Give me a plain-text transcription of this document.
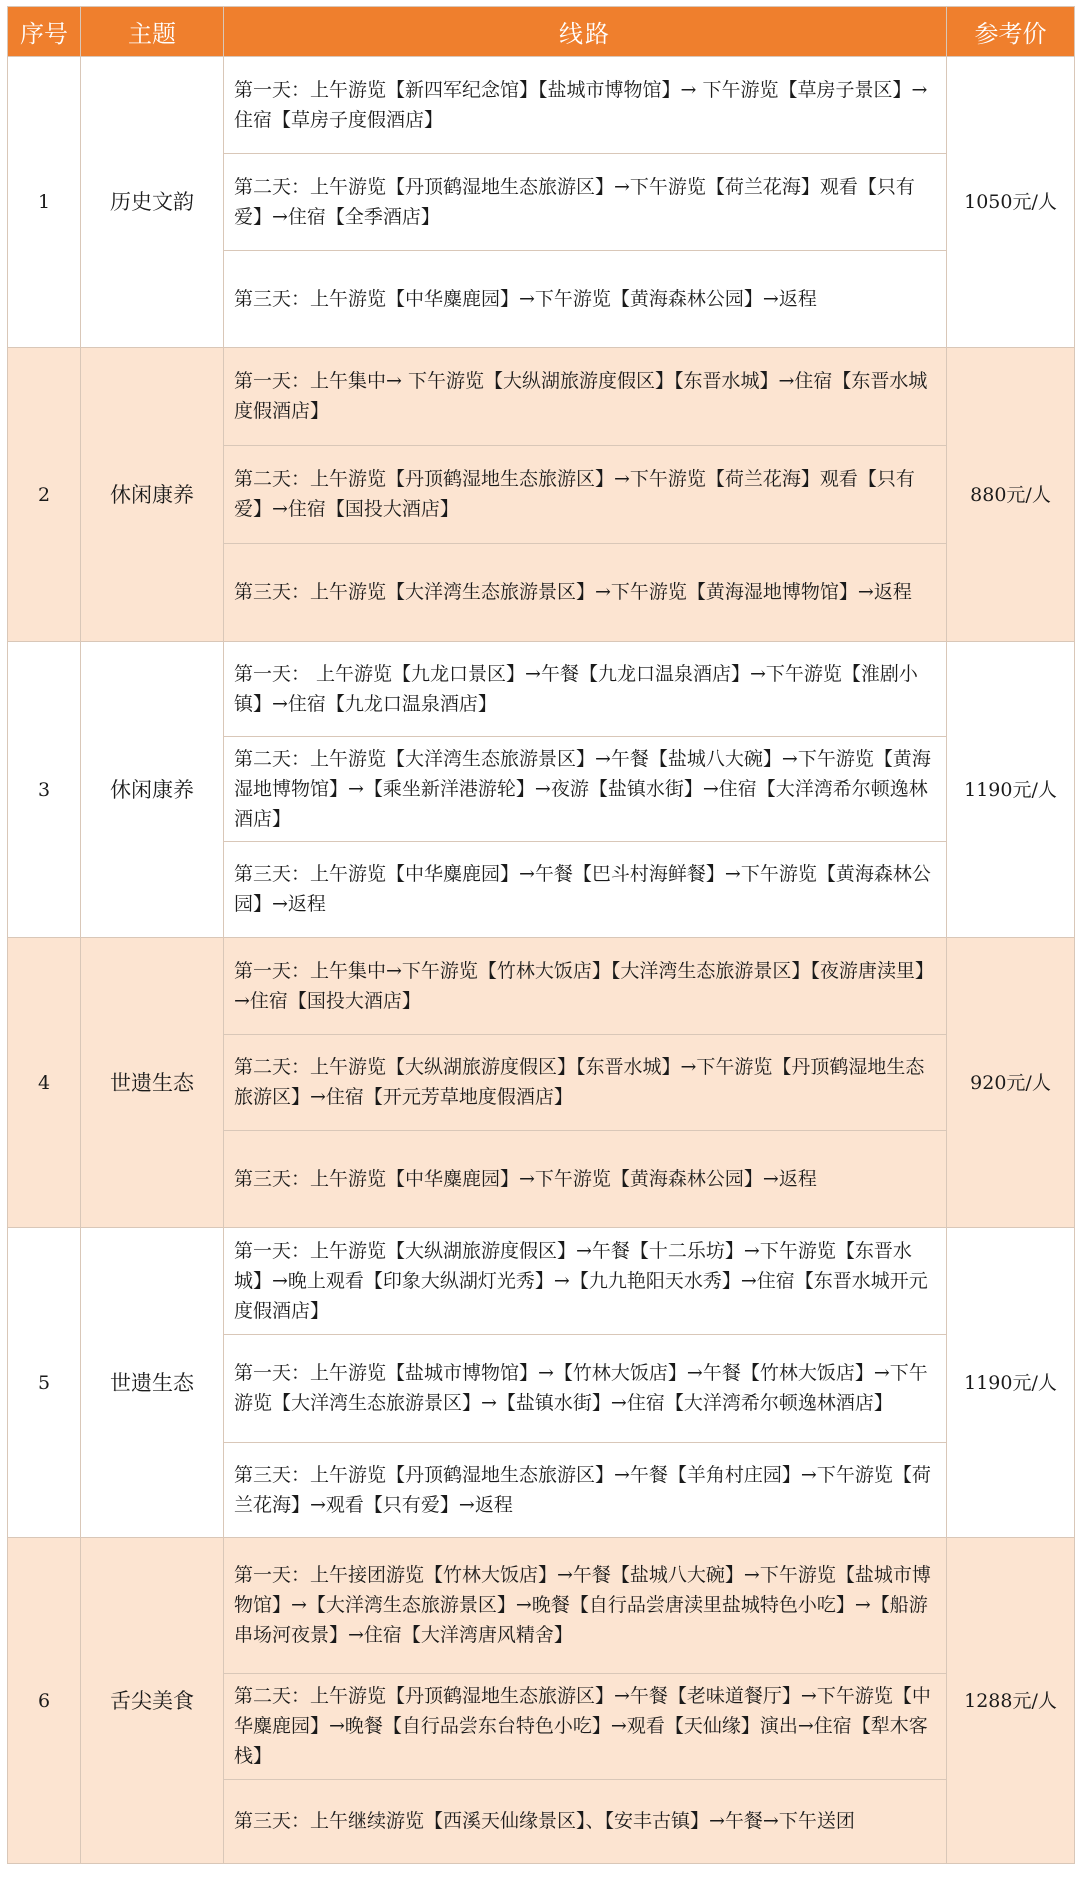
序号	主题	线路	参考价
1	历史文韵	第一天：上午游览【新四军纪念馆】【盐城市博物馆】→ 下午游览【草房子景区】→住宿【草房子度假酒店】
第二天：上午游览【丹顶鹤湿地生态旅游区】→下午游览【荷兰花海】观看【只有爱】→住宿【全季酒店】
第三天：上午游览【中华麋鹿园】→下午游览【黄海森林公园】→返程	1050元/人
2	休闲康养	第一天：上午集中→ 下午游览【大纵湖旅游度假区】【东晋水城】→住宿【东晋水城度假酒店】
第二天：上午游览【丹顶鹤湿地生态旅游区】→下午游览【荷兰花海】观看【只有爱】→住宿【国投大酒店】
第三天：上午游览【大洋湾生态旅游景区】→下午游览【黄海湿地博物馆】→返程	880元/人
3	休闲康养	第一天： 上午游览【九龙口景区】→午餐【九龙口温泉酒店】→下午游览【淮剧小镇】→住宿【九龙口温泉酒店】
第二天：上午游览【大洋湾生态旅游景区】→午餐【盐城八大碗】→下午游览【黄海湿地博物馆】→【乘坐新洋港游轮】→夜游【盐镇水街】→住宿【大洋湾希尔顿逸林酒店】
第三天：上午游览【中华麋鹿园】→午餐【巴斗村海鲜餐】→下午游览【黄海森林公园】→返程	1190元/人
4	世遗生态	第一天：上午集中→下午游览【竹林大饭店】【大洋湾生态旅游景区】【夜游唐渎里】→住宿【国投大酒店】
第二天：上午游览【大纵湖旅游度假区】【东晋水城】→下午游览【丹顶鹤湿地生态旅游区】→住宿【开元芳草地度假酒店】
第三天：上午游览【中华麋鹿园】→下午游览【黄海森林公园】→返程	920元/人
5	世遗生态	第一天：上午游览【大纵湖旅游度假区】→午餐【十二乐坊】→下午游览【东晋水城】→晚上观看【印象大纵湖灯光秀】→【九九艳阳天水秀】→住宿【东晋水城开元度假酒店】
第一天：上午游览【盐城市博物馆】→【竹林大饭店】→午餐【竹林大饭店】→下午游览【大洋湾生态旅游景区】→【盐镇水街】→住宿【大洋湾希尔顿逸林酒店】
第三天：上午游览【丹顶鹤湿地生态旅游区】→午餐【羊角村庄园】→下午游览【荷兰花海】→观看【只有爱】→返程	1190元/人
6	舌尖美食	第一天：上午接团游览【竹林大饭店】→午餐【盐城八大碗】→下午游览【盐城市博物馆】→【大洋湾生态旅游景区】→晚餐【自行品尝唐渎里盐城特色小吃】→【船游串场河夜景】→住宿【大洋湾唐风精舍】
第二天：上午游览【丹顶鹤湿地生态旅游区】→午餐【老味道餐厅】→下午游览【中华麋鹿园】→晚餐【自行品尝东台特色小吃】→观看【天仙缘】演出→住宿【犁木客栈】
第三天：上午继续游览【西溪天仙缘景区】、【安丰古镇】→午餐→下午送团	1288元/人
